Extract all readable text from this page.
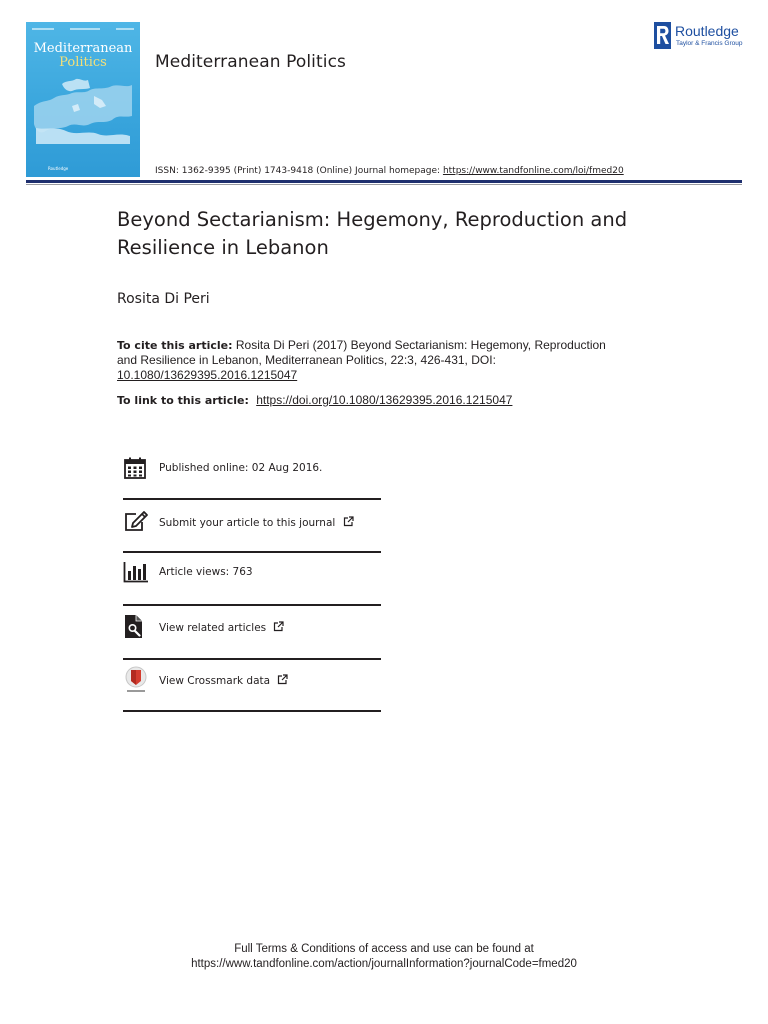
Mediterranean
Politics
Routledge
Mediterranean Politics
Routledge
Taylor & Francis Group
ISSN: 1362-9395 (Print) 1743-9418 (Online) Journal homepage: https://www.tandfonline.com/loi/fmed20
Beyond Sectarianism: Hegemony, Reproduction and Resilience in Lebanon
Rosita Di Peri
To cite this article: Rosita Di Peri (2017) Beyond Sectarianism: Hegemony, Reproduction and Resilience in Lebanon, Mediterranean Politics, 22:3, 426-431, DOI: 10.1080/13629395.2016.1215047
To link to this article: https://doi.org/10.1080/13629395.2016.1215047
Published online: 02 Aug 2016.
Submit your article to this journal
Article views: 763
View related articles
View Crossmark data
Full Terms & Conditions of access and use can be found at
https://www.tandfonline.com/action/journalInformation?journalCode=fmed20
